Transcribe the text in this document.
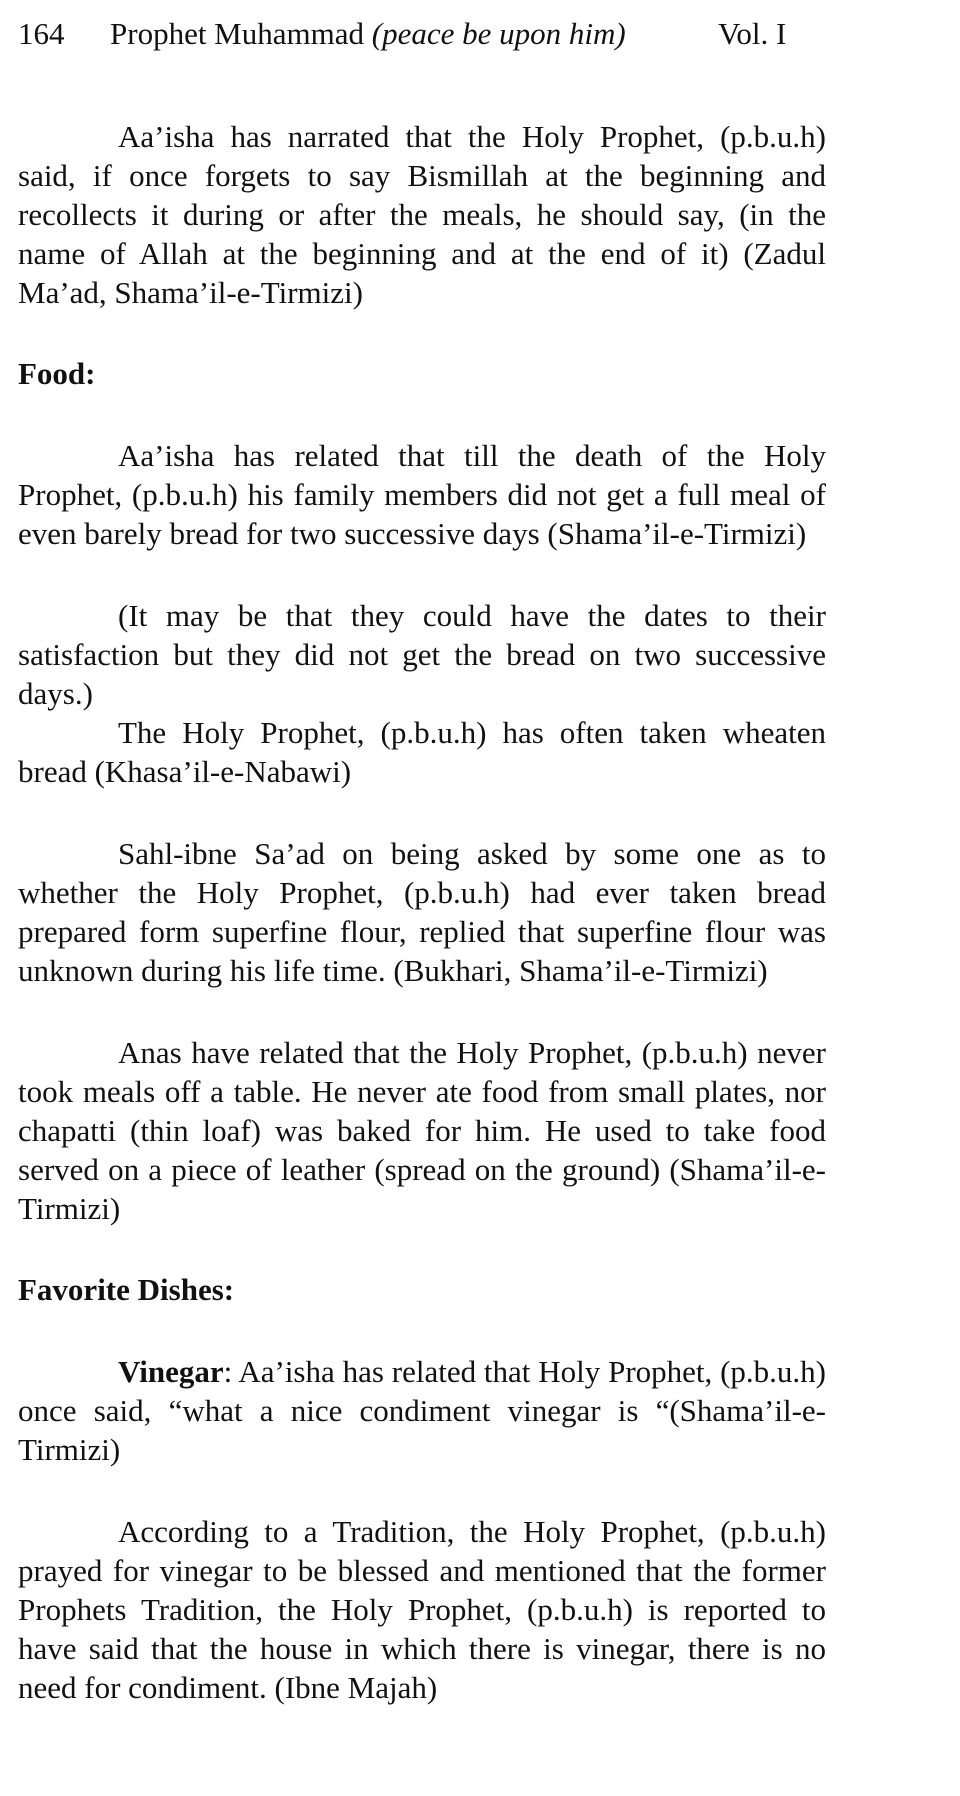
164 Prophet Muhammad (peace be upon him)	Vol. I

Aa’isha has narrated that the Holy Prophet, (p.b.u.h) said, if once forgets to say Bismillah at the beginning and recollects it during or after the meals, he should say, (in the name of Allah at the beginning and at the end of it) (Zadul Ma’ad, Shama’il-e-Tirmizi)

Food:

Aa’isha has related that till the death of the Holy Prophet, (p.b.u.h) his family members did not get a full meal of even barely bread for two successive days (Shama’il-e-Tirmizi)

(It may be that they could have the dates to their satisfaction but they did not get the bread on two successive days.)

The Holy Prophet, (p.b.u.h) has often taken wheaten bread (Khasa’il-e-Nabawi)

Sahl-ibne Sa’ad on being asked by some one as to whether the Holy Prophet, (p.b.u.h) had ever taken bread prepared form superfine flour, replied that superfine flour was unknown during his life time. (Bukhari, Shama’il-e-Tirmizi)

Anas have related that the Holy Prophet, (p.b.u.h) never took meals off a table. He never ate food from small plates, nor chapatti (thin loaf) was baked for him. He used to take food served on a piece of leather (spread on the ground) (Shama’il-e-Tirmizi)

Favorite Dishes:

Vinegar: Aa’isha has related that Holy Prophet, (p.b.u.h) once said, “what a nice condiment vinegar is “(Shama’il-e-Tirmizi)

According to a Tradition, the Holy Prophet, (p.b.u.h) prayed for vinegar to be blessed and mentioned that the former Prophets Tradition, the Holy Prophet, (p.b.u.h) is reported to have said that the house in which there is vinegar, there is no need for condiment. (Ibne Majah)
